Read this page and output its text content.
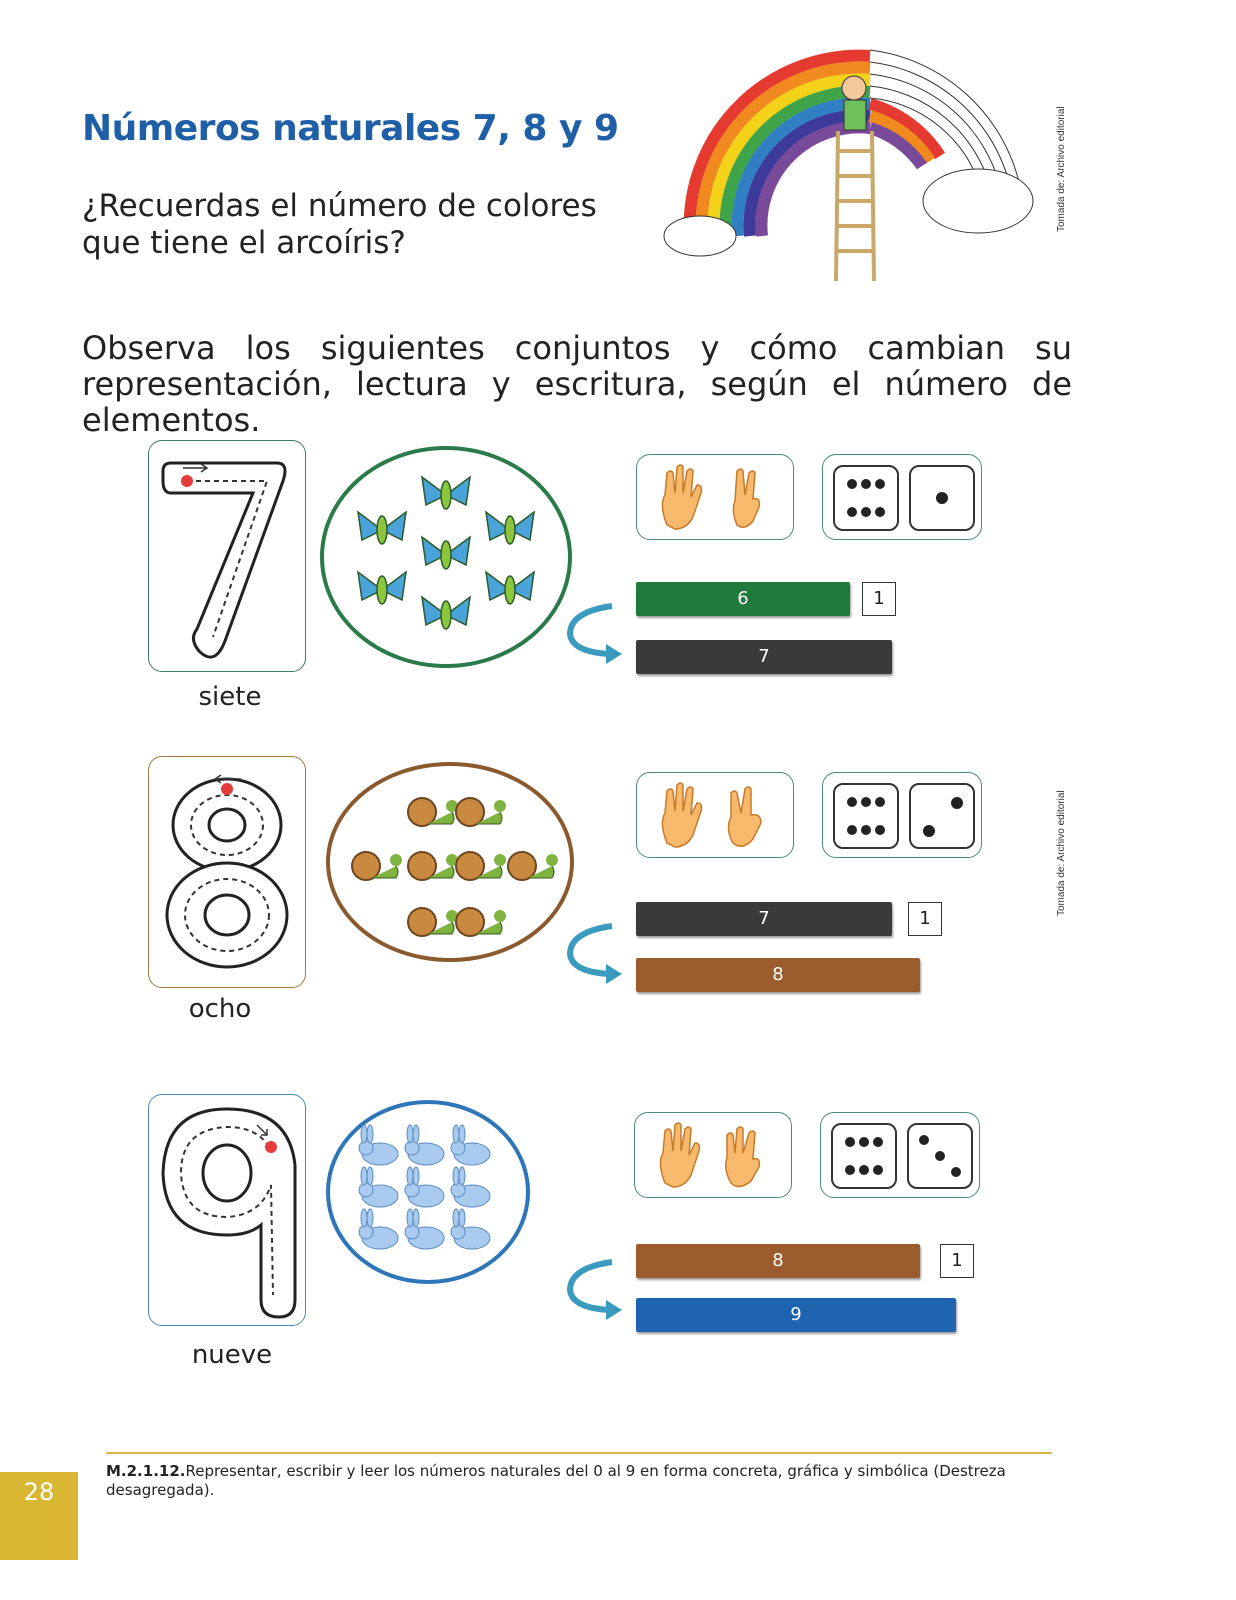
Números naturales 7, 8 y 9
¿Recuerdas el número de colores que tiene el arcoíris?
Tomada de: Archivo editorial
Observa los siguientes conjuntos y cómo cambian su representación, lectura y escritura, según el número de elementos.
siete
6	1
7
ocho
7	1
8
Tomada de: Archivo editorial
nueve
8	1
9
M.2.1.12.Representar, escribir y leer los números naturales del 0 al 9 en forma concreta, gráfica y simbólica (Destreza desagregada).
28
